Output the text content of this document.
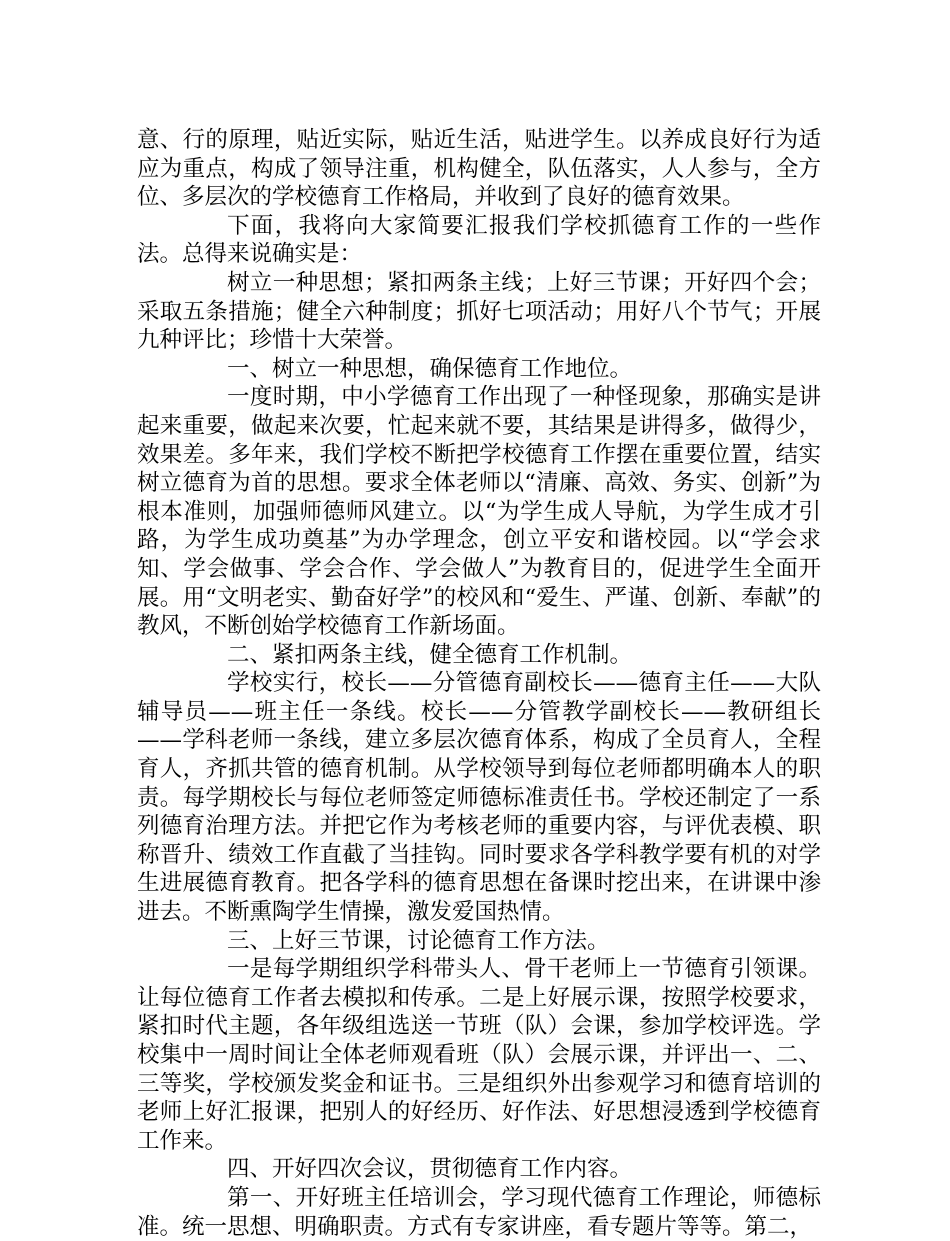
意、行的原理，贴近实际，贴近生活，贴进学生。以养成良好行为适应为重点，构成了领导注重，机构健全，队伍落实，人人参与，全方位、多层次的学校德育工作格局，并收到了良好的德育效果。

下面，我将向大家简要汇报我们学校抓德育工作的一些作法。总得来说确实是：

树立一种思想；紧扣两条主线；上好三节课；开好四个会；采取五条措施；健全六种制度；抓好七项活动；用好八个节气；开展九种评比；珍惜十大荣誉。

一、树立一种思想，确保德育工作地位。

一度时期，中小学德育工作出现了一种怪现象，那确实是讲起来重要，做起来次要，忙起来就不要，其结果是讲得多，做得少，效果差。多年来，我们学校不断把学校德育工作摆在重要位置，结实树立德育为首的思想。要求全体老师以“清廉、高效、务实、创新”为根本准则，加强师德师风建立。以“为学生成人导航，为学生成才引路，为学生成功奠基”为办学理念，创立平安和谐校园。以“学会求知、学会做事、学会合作、学会做人”为教育目的，促进学生全面开展。用“文明老实、勤奋好学”的校风和“爱生、严谨、创新、奉献”的教风，不断创始学校德育工作新场面。

二、紧扣两条主线，健全德育工作机制。

学校实行，校长——分管德育副校长——德育主任——大队辅导员——班主任一条线。校长——分管教学副校长——教研组长——学科老师一条线，建立多层次德育体系，构成了全员育人，全程育人，齐抓共管的德育机制。从学校领导到每位老师都明确本人的职责。每学期校长与每位老师签定师德标准责任书。学校还制定了一系列德育治理方法。并把它作为考核老师的重要内容，与评优表模、职称晋升、绩效工作直截了当挂钩。同时要求各学科教学要有机的对学生进展德育教育。把各学科的德育思想在备课时挖出来，在讲课中渗进去。不断熏陶学生情操，激发爱国热情。

三、上好三节课，讨论德育工作方法。

一是每学期组织学科带头人、骨干老师上一节德育引领课。让每位德育工作者去模拟和传承。二是上好展示课，按照学校要求，紧扣时代主题，各年级组选送一节班（队）会课，参加学校评选。学校集中一周时间让全体老师观看班（队）会展示课，并评出一、二、三等奖，学校颁发奖金和证书。三是组织外出参观学习和德育培训的老师上好汇报课，把别人的好经历、好作法、好思想浸透到学校德育工作来。

四、开好四次会议，贯彻德育工作内容。

第一、开好班主任培训会，学习现代德育工作理论，师德标准。统一思想、明确职责。方式有专家讲座，看专题片等等。第二，
